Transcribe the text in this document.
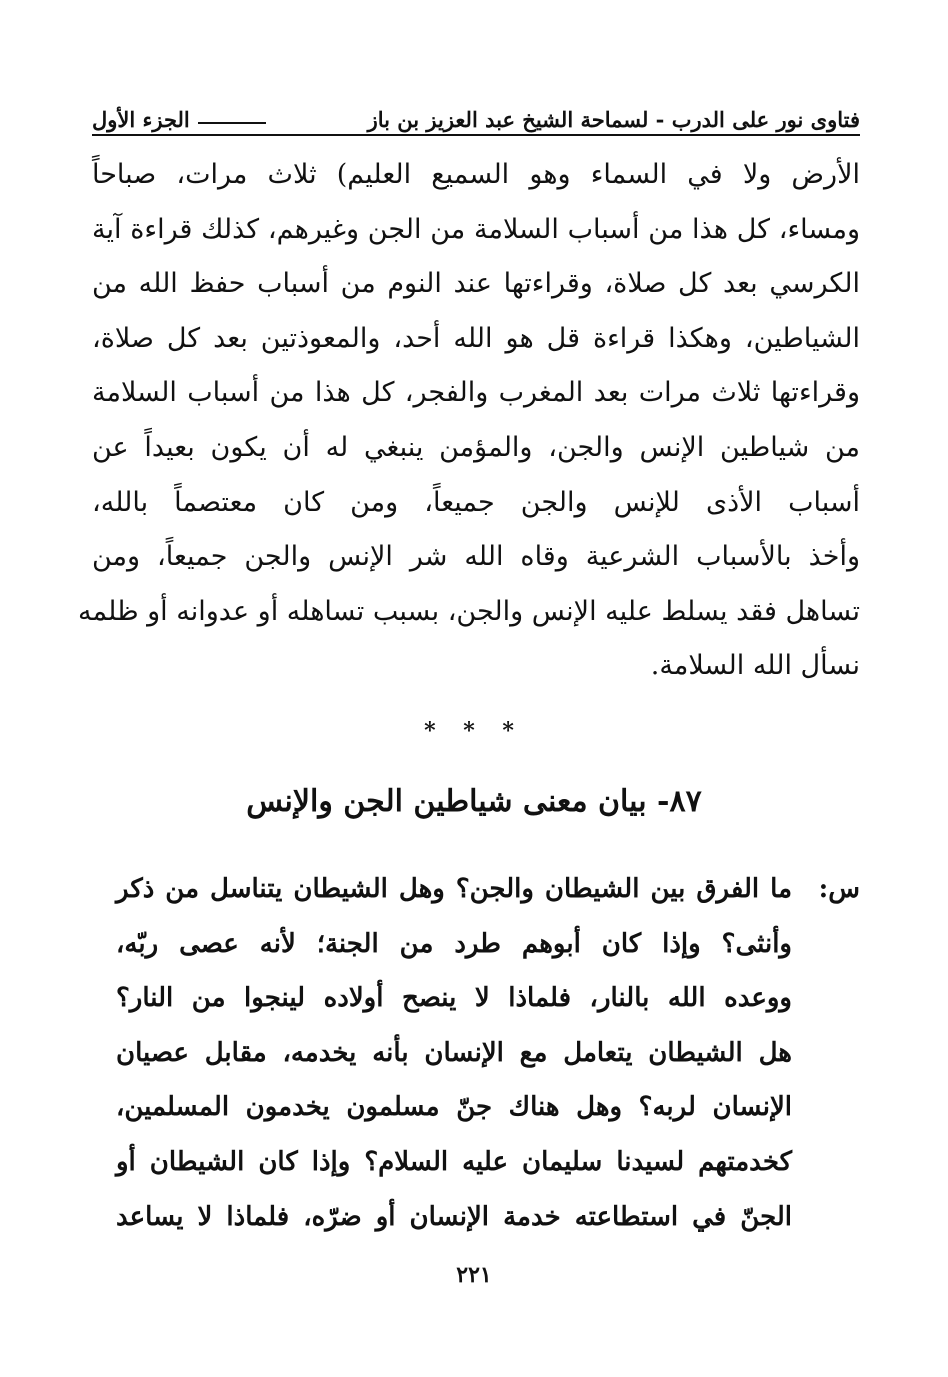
فتاوى نور على الدرب - لسماحة الشيخ عبد العزيز بن باز
الجزء الأول
الأرض ولا في السماء وهو السميع العليم) ثلاث مرات، صباحاً
ومساء، كل هذا من أسباب السلامة من الجن وغيرهم، كذلك قراءة آية
الكرسي بعد كل صلاة، وقراءتها عند النوم من أسباب حفظ الله من
الشياطين، وهكذا قراءة قل هو الله أحد، والمعوذتين بعد كل صلاة،
وقراءتها ثلاث مرات بعد المغرب والفجر، كل هذا من أسباب السلامة
من شياطين الإنس والجن، والمؤمن ينبغي له أن يكون بعيداً عن
أسباب الأذى للإنس والجن جميعاً، ومن كان معتصماً بالله،
وأخذ بالأسباب الشرعية وقاه الله شر الإنس والجن جميعاً، ومن
تساهل فقد يسلط عليه الإنس والجن، بسبب تساهله أو عدوانه أو ظلمه
نسأل الله السلامة.
* * *
٨٧- بيان معنى شياطين الجن والإنس
س:
ما الفرق بين الشيطان والجن؟ وهل الشيطان يتناسل من ذكر
وأنثى؟ وإذا كان أبوهم طرد من الجنة؛ لأنه عصى ربّه،
ووعده الله بالنار، فلماذا لا ينصح أولاده لينجوا من النار؟
هل الشيطان يتعامل مع الإنسان بأنه يخدمه، مقابل عصيان
الإنسان لربه؟ وهل هناك جنّ مسلمون يخدمون المسلمين،
كخدمتهم لسيدنا سليمان عليه السلام؟ وإذا كان الشيطان أو
الجنّ في استطاعته خدمة الإنسان أو ضرّه، فلماذا لا يساعد
٢٢١
